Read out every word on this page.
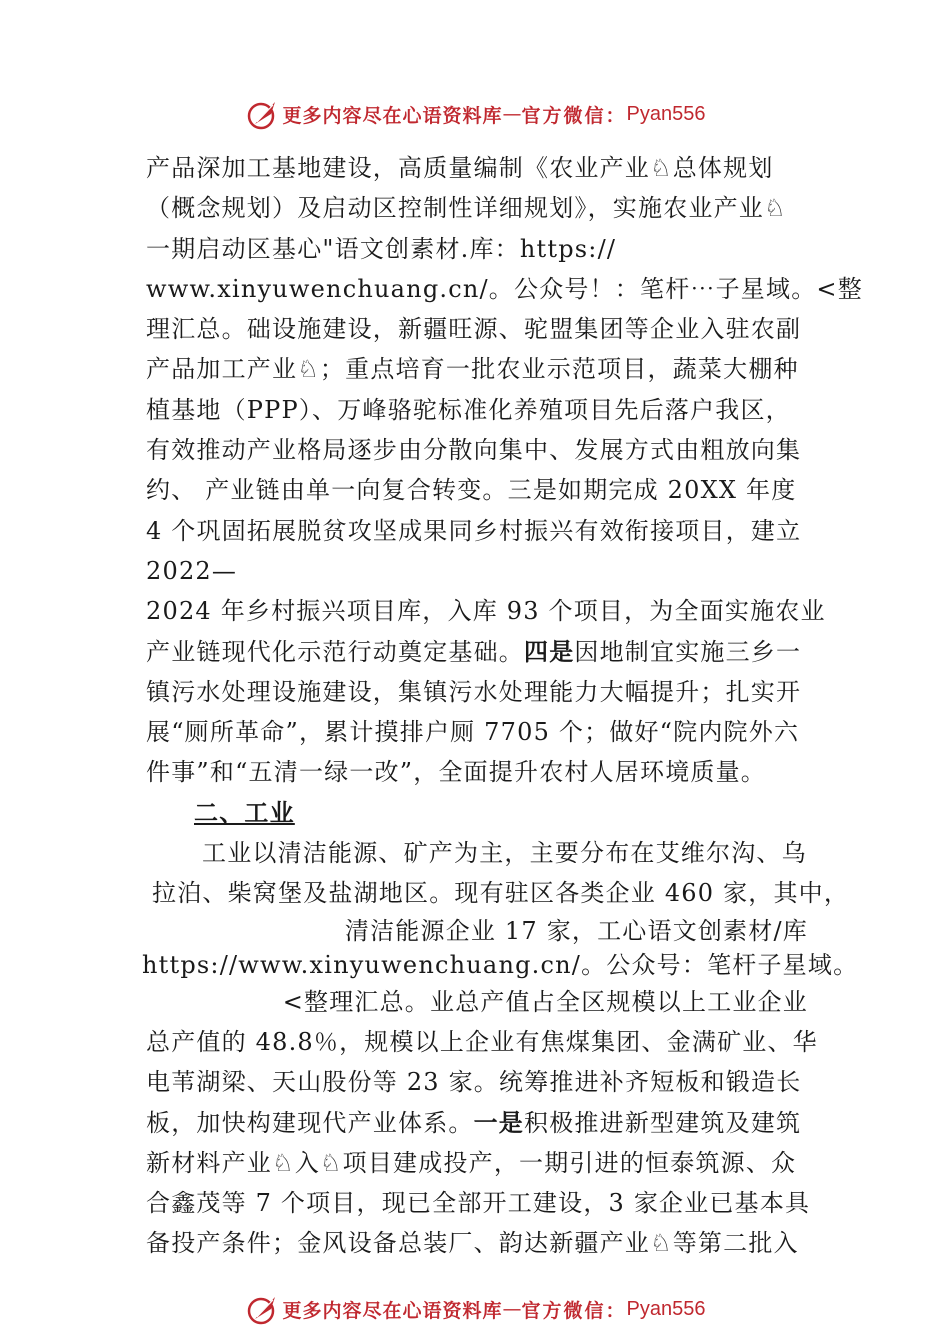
更多内容尽在心语资料库 — 官方微信： Pyan556
产品深加工基地建设，高质量编制《农业产业♘总体规划
（概念规划）及启动区控制性详细规划》，实施农业产业♘
一期启动区基心"语文创素材.库：https://
www.xinyuwenchuang.cn/。公众号！：笔杆⋯子星域。<整
理汇总。础设施建设，新疆旺源、驼盟集团等企业入驻农副
产品加工产业♘；重点培育一批农业示范项目，蔬菜大棚种
植基地（PPP）、万峰骆驼标准化养殖项目先后落户我区，
有效推动产业格局逐步由分散向集中、发展方式由粗放向集
约、 产业链由单一向复合转变。三是如期完成 20XX 年度
4 个巩固拓展脱贫攻坚成果同乡村振兴有效衔接项目，建立
2022—
2024 年乡村振兴项目库，入库 93 个项目，为全面实施农业
产业链现代化示范行动奠定基础。四是因地制宜实施三乡一
镇污水处理设施建设，集镇污水处理能力大幅提升；扎实开
展“厕所革命”，累计摸排户厕 7705 个；做好“院内院外六
件事”和“五清一绿一改”，全面提升农村人居环境质量。
二、工业
工业以清洁能源、矿产为主，主要分布在艾维尔沟、乌
拉泊、柴窝堡及盐湖地区。现有驻区各类企业 460 家，其中，
清洁能源企业 17 家，工心语文创素材/库
https://www.xinyuwenchuang.cn/。公众号：笔杆子星域。
<整理汇总。业总产值占全区规模以上工业企业
总产值的 48.8％，规模以上企业有焦煤集团、金满矿业、华
电苇湖梁、天山股份等 23 家。统筹推进补齐短板和锻造长
板，加快构建现代产业体系。一是积极推进新型建筑及建筑
新材料产业♘入♘项目建成投产，一期引进的恒泰筑源、众
合鑫茂等 7 个项目，现已全部开工建设，3 家企业已基本具
备投产条件；金风设备总装厂、韵达新疆产业♘等第二批入
更多内容尽在心语资料库 — 官方微信： Pyan556
